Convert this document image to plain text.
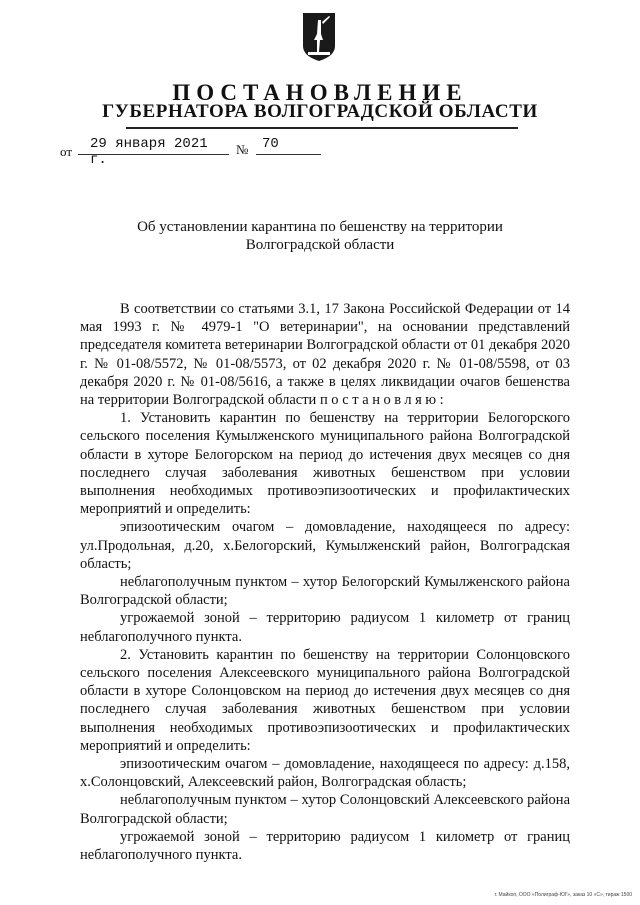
ПОСТАНОВЛЕНИЕ
ГУБЕРНАТОРА ВОЛГОГРАДСКОЙ ОБЛАСТИ
от	29 января 2021 г.
№ 70
Об установлении карантина по бешенству на территории
Волгоградской области

В соответствии со статьями 3.1, 17 Закона Российской Федерации от 14 мая 1993 г. № 4979-1 "О ветеринарии", на основании представлений председателя комитета ветеринарии Волгоградской области от 01 декабря 2020 г. № 01-08/5572, № 01-08/5573, от 02 декабря 2020 г. № 01-08/5598, от 03 декабря 2020 г. № 01-08/5616, а также в целях ликвидации очагов бешенства на территории Волгоградской области постановляю:

1. Установить карантин по бешенству на территории Белогорского сельского поселения Кумылженского муниципального района Волгоградской области в хуторе Белогорском на период до истечения двух месяцев со дня последнего случая заболевания животных бешенством при условии выполнения необходимых противоэпизоотических и профилактических мероприятий и определить:

эпизоотическим очагом – домовладение, находящееся по адресу: ул.Продольная, д.20, х.Белогорский, Кумылженский район, Волгоградская область;

неблагополучным пунктом – хутор Белогорский Кумылженского района Волгоградской области;

угрожаемой зоной – территорию радиусом 1 километр от границ неблагополучного пункта.

2. Установить карантин по бешенству на территории Солонцовского сельского поселения Алексеевского муниципального района Волгоградской области в хуторе Солонцовском на период до истечения двух месяцев со дня последнего случая заболевания животных бешенством при условии выполнения необходимых противоэпизоотических и профилактических мероприятий и определить:

эпизоотическим очагом – домовладение, находящееся по адресу: д.158, х.Солонцовский, Алексеевский район, Волгоградская область;

неблагополучным пунктом – хутор Солонцовский Алексеевского района Волгоградской области;

угрожаемой зоной – территорию радиусом 1 километр от границ неблагополучного пункта.

г. Майкоп, ООО «Полиграф-ЮГ», заказ 10 «С», тираж 1500
